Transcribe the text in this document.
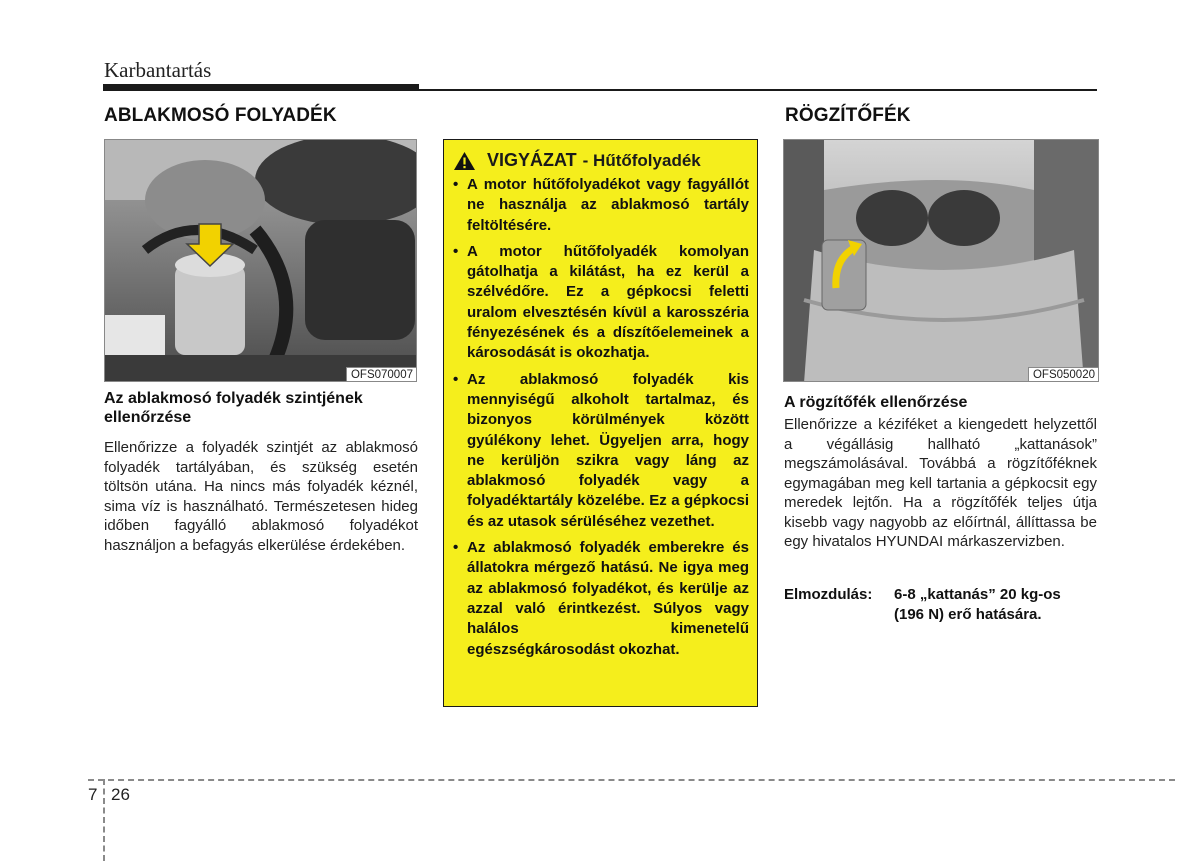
Karbantartás
ABLAKMOSÓ FOLYADÉK
OFS070007
Az ablakmosó folyadék szintjének ellenőrzése
Ellenőrizze a folyadék szintjét az ablakmosó folyadék tartályában, és szükség esetén töltsön utána. Ha nincs más folyadék kéznél, sima víz is használható. Természetesen hideg időben fagyálló ablakmosó folyadékot használjon a befagyás elkerülése érdekében.
VIGYÁZAT - Hűtőfolyadék
• A motor hűtőfolyadékot vagy fagyállót ne használja az ablakmosó tartály feltöltésére.
• A motor hűtőfolyadék komolyan gátolhatja a kilátást, ha ez kerül a szélvédőre. Ez a gépkocsi feletti uralom elvesztésén kívül a karosszéria fényezésének és a díszítőelemeinek a károsodását is okozhatja.
• Az ablakmosó folyadék kis mennyiségű alkoholt tartalmaz, és bizonyos körülmények között gyúlékony lehet. Ügyeljen arra, hogy ne kerüljön szikra vagy láng az ablakmosó folyadék vagy a folyadéktartály közelébe. Ez a gépkocsi és az utasok sérüléséhez vezethet.
• Az ablakmosó folyadék emberekre és állatokra mérgező hatású. Ne igya meg az ablakmosó folyadékot, és kerülje az azzal való érintkezést. Súlyos vagy halálos kimenetelű egészségkárosodást okozhat.
RÖGZÍTŐFÉK
OFS050020
A rögzítőfék ellenőrzése
Ellenőrizze a kéziféket a kiengedett helyzettől a végállásig hallható „kattanások” megszámolásával. Továbbá a rögzítőféknek egymagában meg kell tartania a gépkocsit egy meredek lejtőn. Ha a rögzítőfék teljes útja kisebb vagy nagyobb az előírtnál, állíttassa be egy hivatalos HYUNDAI márkaszervizben.
Elmozdulás: 6-8 „kattanás” 20 kg-os
(196 N) erő hatására.
7 26
